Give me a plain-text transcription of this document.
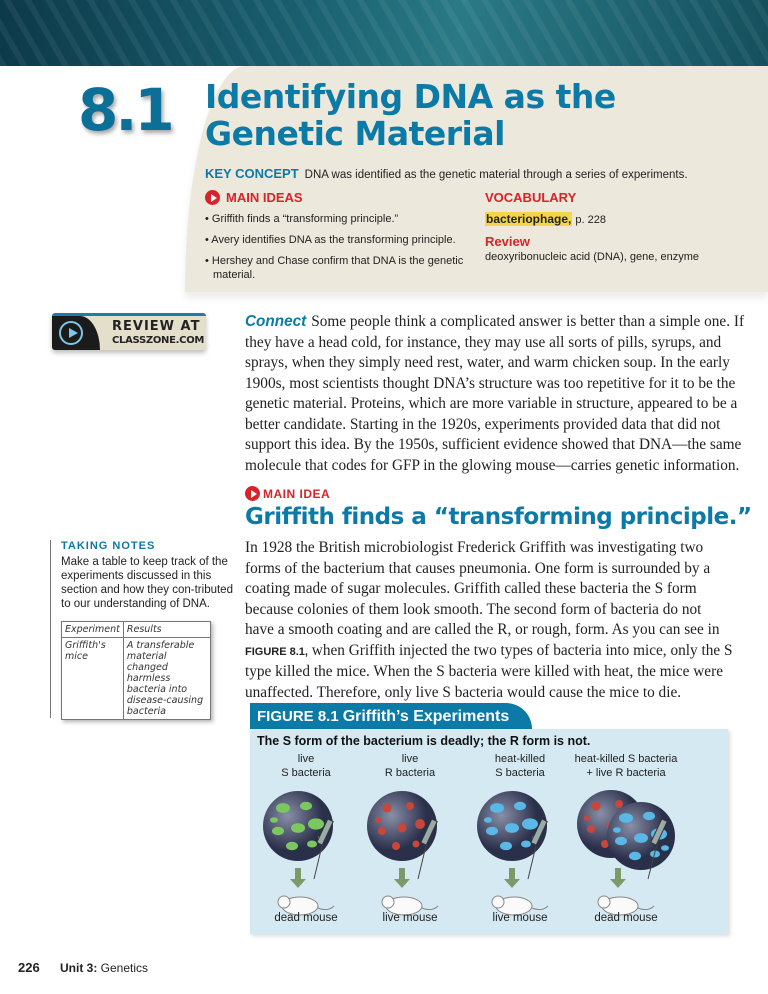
8.1 Identifying DNA as the
Genetic Material
KEY CONCEPT DNA was identified as the genetic material through a series of experiments.
MAIN IDEAS
• Griffith finds a “transforming principle.”
• Avery identifies DNA as the transforming principle.
• Hershey and Chase confirm that DNA is the genetic material.
VOCABULARY
bacteriophage, p. 228
Review
deoxyribonucleic acid (DNA), gene, enzyme
REVIEW AT
CLASSZONE.COM
Connect Some people think a complicated answer is better than a simple one. If
they have a head cold, for instance, they may use all sorts of pills, syrups, and
sprays, when they simply need rest, water, and warm chicken soup. In the early
1900s, most scientists thought DNA’s structure was too repetitive for it to be the
genetic material. Proteins, which are more variable in structure, appeared to be a
better candidate. Starting in the 1920s, experiments provided data that did not
support this idea. By the 1950s, sufficient evidence showed that DNA—the same
molecule that codes for GFP in the glowing mouse—carries genetic information.
MAIN IDEA
Griffith finds a “transforming principle.”
TAKING NOTES

Make a table to keep track of the experiments discussed in this section and how they con-tributed to our understanding of DNA.

Experiment	Results
Griffith's mice	A transferable material changed harmless bacteria into disease-causing bacteria
In 1928 the British microbiologist Frederick Griffith was investigating two
forms of the bacterium that causes pneumonia. One form is surrounded by a
coating made of sugar molecules. Griffith called these bacteria the S form
because colonies of them look smooth. The second form of bacteria do not
have a smooth coating and are called the R, or rough, form. As you can see in
FIGURE 8.1, when Griffith injected the two types of bacteria into mice, only the S
type killed the mice. When the S bacteria were killed with heat, the mice were
unaffected. Therefore, only live S bacteria would cause the mice to die.
FIGURE 8.1 Griffith’s Experiments
The S form of the bacterium is deadly; the R form is not.
live
S bacteria
dead mouse
live
R bacteria
live mouse
heat-killed
S bacteria
live mouse
heat-killed S bacteria
+ live R bacteria
dead mouse
226 Unit 3: Genetics
